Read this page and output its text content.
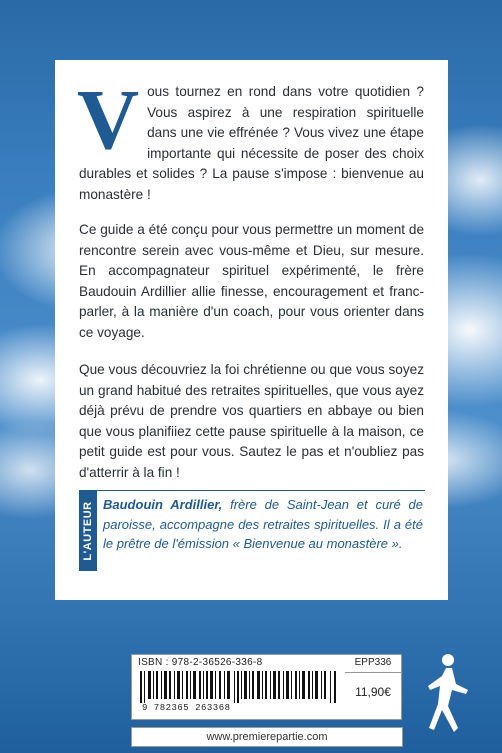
Vous tournez en rond dans votre quotidien ? Vous aspirez à une respiration spirituelle dans une vie effrénée ? Vous vivez une étape importante qui nécessite de poser des choix durables et solides ? La pause s'impose : bienvenue au monastère !
Ce guide a été conçu pour vous permettre un moment de rencontre serein avec vous-même et Dieu, sur mesure. En accompagnateur spirituel expérimenté, le frère Baudouin Ardillier allie finesse, encouragement et franc-parler, à la manière d'un coach, pour vous orienter dans ce voyage.
Que vous découvriez la foi chrétienne ou que vous soyez un grand habitué des retraites spirituelles, que vous ayez déjà prévu de prendre vos quartiers en abbaye ou bien que vous planifiiez cette pause spirituelle à la maison, ce petit guide est pour vous. Sautez le pas et n'oubliez pas d'atterrir à la fin !
L'AUTEUR Baudouin Ardillier, frère de Saint-Jean et curé de paroisse, accompagne des retraites spirituelles. Il a été le prêtre de l'émission « Bienvenue au monastère ».
ISBN : 978-2-36526-336-8
9 782365 263368
EPP336
11,90€
www.premierepartie.com
